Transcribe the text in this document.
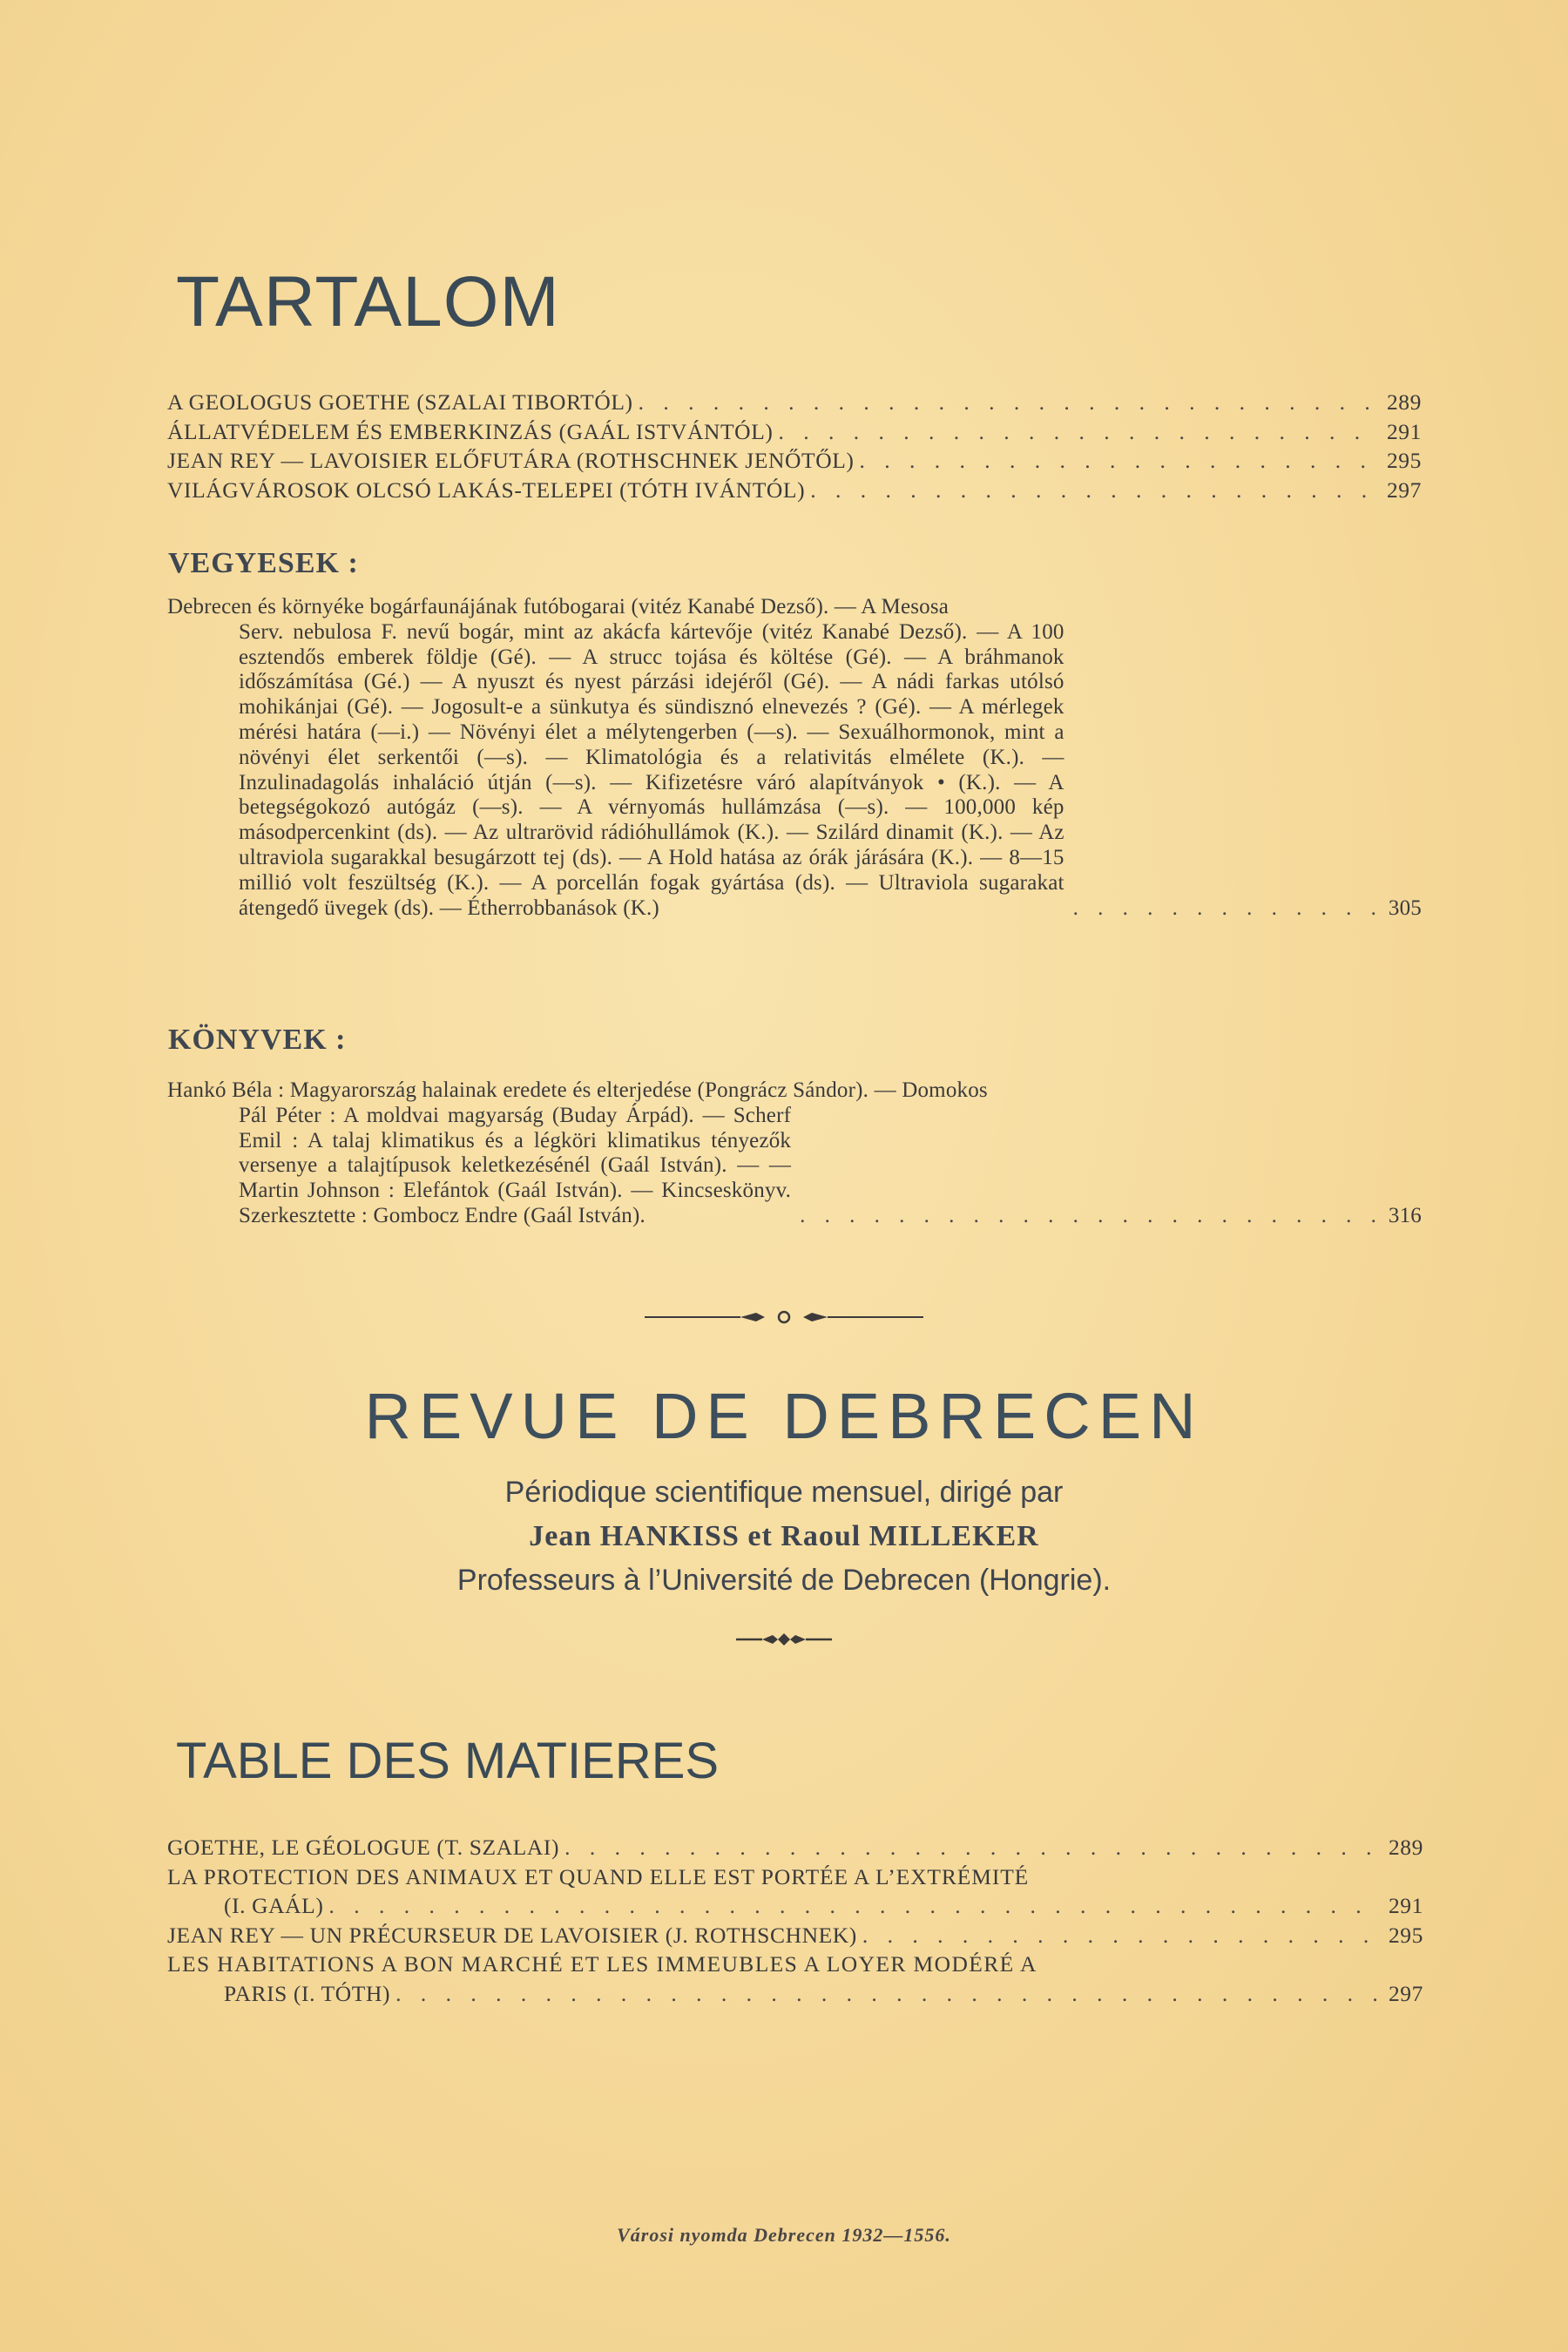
TARTALOM
A GEOLOGUS GOETHE (SZALAI TIBORTÓL) . . .	289
ÁLLATVÉDELEM ÉS EMBERKINZÁS (GAÁL ISTVÁNTÓL) . . .	291
JEAN REY — LAVOISIER ELŐFUTÁRA (ROTHSCHNEK JENŐTŐL) . . .	295
VILÁGVÁROSOK OLCSÓ LAKÁS-TELEPEI (TÓTH IVÁNTÓL) . . .	297
VEGYESEK :
Debrecen és környéke bogárfaunájának futóbogarai (vitéz Kanabé Dezső). — A Mesosa
Serv. nebulosa F. nevű bogár, mint az akácfa kártevője (vitéz Kanabé Dezső). — A 100 esztendős emberek földje (Gé). — A strucc tojása és költése (Gé). — A bráhmanok időszámítása (Gé.) — A nyuszt és nyest párzási idejéről (Gé). — A nádi farkas utólsó mohikánjai (Gé). — Jogosult-e a sünkutya és sündisznó elnevezés ? (Gé). — A mérlegek mérési határa (—i.) — Növényi élet a mélytengerben (—s). — Sexuálhormonok, mint a növényi élet serkentői (—s). — Klimatológia és a relativitás elmélete (K.). — Inzulinadagolás inhaláció útján (—s). — Kifizetésre váró alapítványok • (K.). — A betegségokozó autógáz (—s). — A vérnyomás hullámzása (—s). — 100,000 kép másodpercenkint (ds). — Az ultrarövid rádióhullámok (K.). — Szilárd dinamit (K.). — Az ultraviola sugarakkal besugárzott tej (ds). — A Hold hatása az órák járására (K.). — 8—15 millió volt feszültség (K.). — A porcellán fogak gyártása (ds). — Ultraviola sugarakat átengedő üvegek (ds). — Étherrobbanások (K.)	. . . . . . . . . . . . . 305
KÖNYVEK :
Hankó Béla : Magyarország halainak eredete és elterjedése (Pongrácz Sándor). — Domokos
Pál Péter : A moldvai magyarság (Buday Árpád). — Scherf Emil : A talaj klimatikus és a légköri klimatikus tényezők versenye a talajtípusok keletkezésénél (Gaál István). — — Martin Johnson : Elefántok (Gaál István). — Kincseskönyv. Szerkesztette : Gombocz Endre (Gaál István).	. . . . . . . . . . . . . . . . . . . . . . . . 316
REVUE DE DEBRECEN

Périodique scientifique mensuel, dirigé par

Jean HANKISS et Raoul MILLEKER

Professeurs à l’Université de Debrecen (Hongrie).

TABLE DES MATIERES
GOETHE, LE GÉOLOGUE (T. SZALAI) . . .	289
LA PROTECTION DES ANIMAUX ET QUAND ELLE EST PORTÉE A L’EXTRÉMITÉ
(I. GAÁL) . . .	291
JEAN REY — UN PRÉCURSEUR DE LAVOISIER (J. ROTHSCHNEK) . . .	295
LES HABITATIONS A BON MARCHÉ ET LES IMMEUBLES A LOYER MODÉRÉ A
PARIS (I. TÓTH) . . .	297
Városi nyomda Debrecen 1932—1556.
